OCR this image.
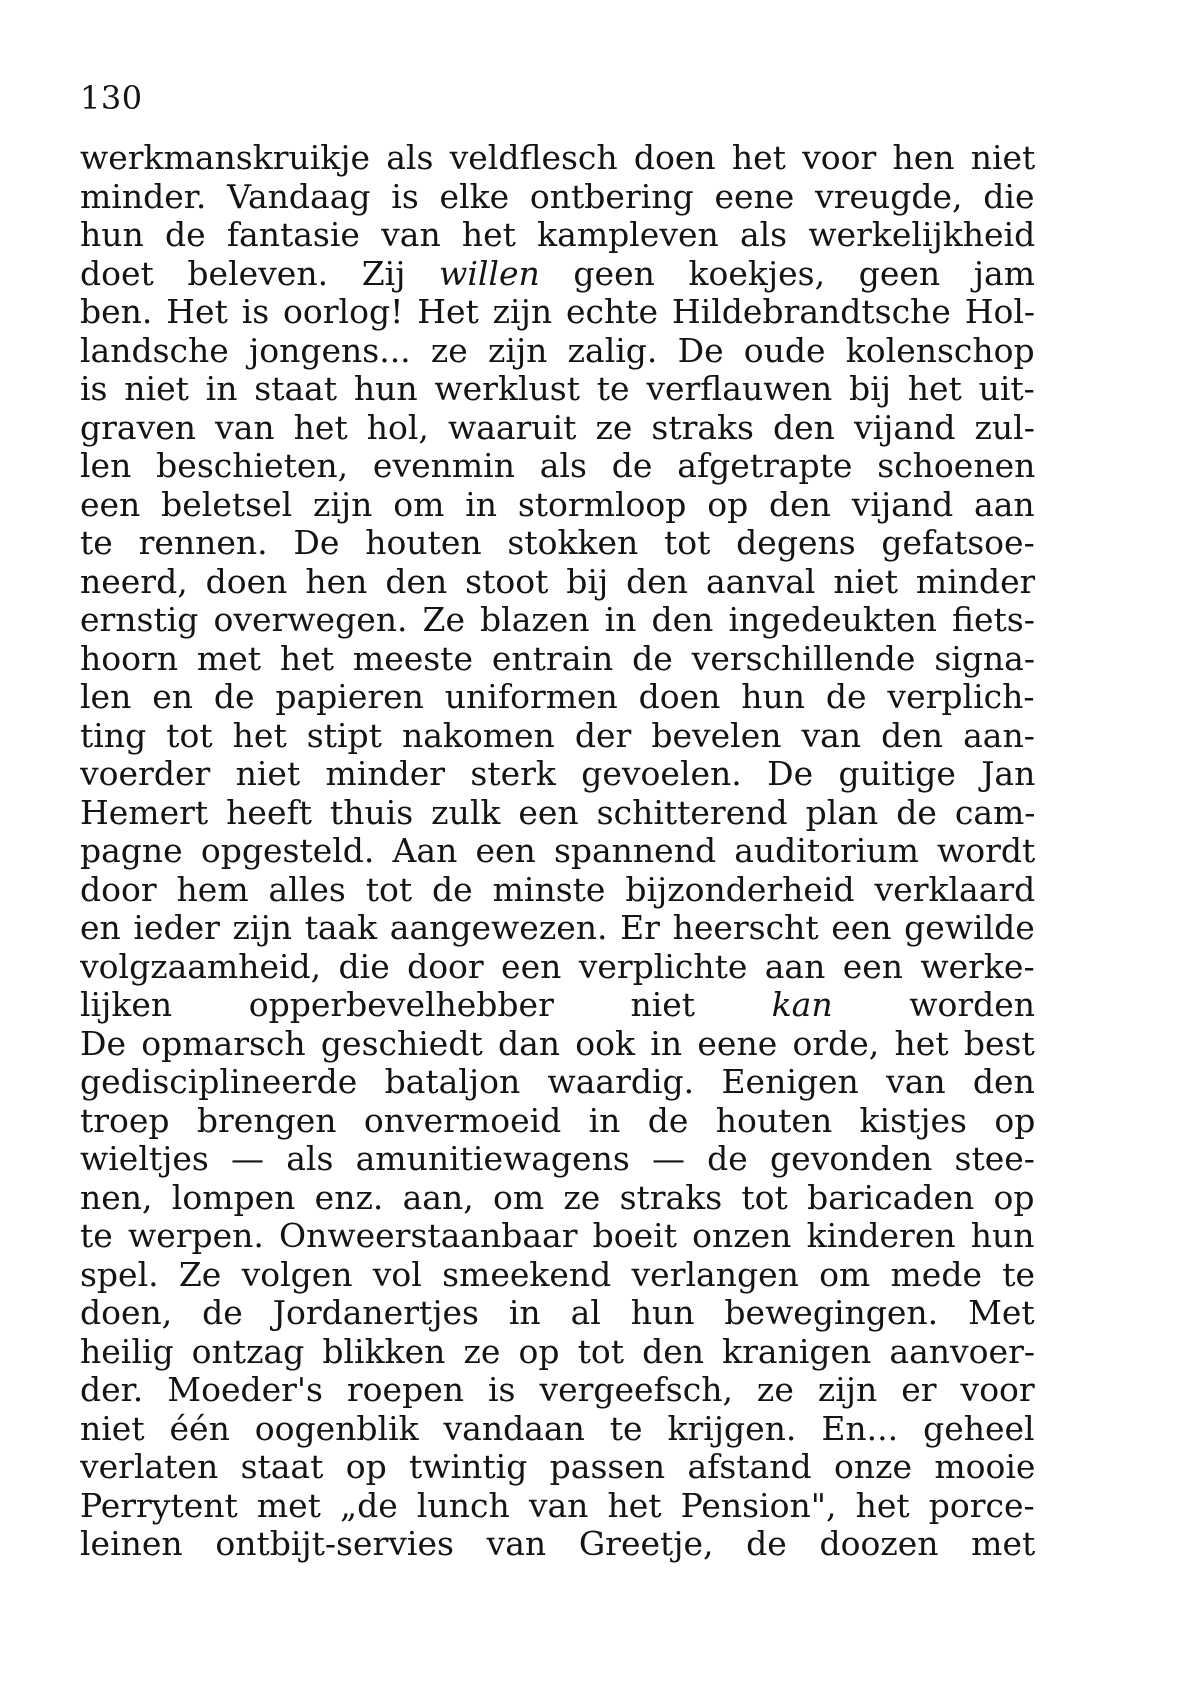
130
werkmanskruikje als veldflesch doen het voor hen niet
minder. Vandaag is elke ontbering eene vreugde, die
hun de fantasie van het kampleven als werkelijkheid
doet beleven. Zij willen geen koekjes, geen jam
ben. Het is oorlog! Het zijn echte Hildebrandtsche Hol-
landsche jongens... ze zijn zalig. De oude kolenschop
is niet in staat hun werklust te verflauwen bij het uit-
graven van het hol, waaruit ze straks den vijand zul-
len beschieten, evenmin als de afgetrapte schoenen
een beletsel zijn om in stormloop op den vijand aan
te rennen. De houten stokken tot degens gefatsoe-
neerd, doen hen den stoot bij den aanval niet minder
ernstig overwegen. Ze blazen in den ingedeukten fiets-
hoorn met het meeste entrain de verschillende signa-
len en de papieren uniformen doen hun de verplich-
ting tot het stipt nakomen der bevelen van den aan-
voerder niet minder sterk gevoelen. De guitige Jan
Hemert heeft thuis zulk een schitterend plan de cam-
pagne opgesteld. Aan een spannend auditorium wordt
door hem alles tot de minste bijzonderheid verklaard
en ieder zijn taak aangewezen. Er heerscht een gewilde
volgzaamheid, die door een verplichte aan een werke-
lijken opperbevelhebber niet kan worden
De opmarsch geschiedt dan ook in eene orde, het best
gedisciplineerde bataljon waardig. Eenigen van den
troep brengen onvermoeid in de houten kistjes op
wieltjes — als amunitiewagens — de gevonden stee-
nen, lompen enz. aan, om ze straks tot baricaden op
te werpen. Onweerstaanbaar boeit onzen kinderen hun
spel. Ze volgen vol smeekend verlangen om mede te
doen, de Jordanertjes in al hun bewegingen. Met
heilig ontzag blikken ze op tot den kranigen aanvoer-
der. Moeder's roepen is vergeefsch, ze zijn er voor
niet één oogenblik vandaan te krijgen. En... geheel
verlaten staat op twintig passen afstand onze mooie
Perrytent met „de lunch van het Pension", het porce-
leinen ontbijt-servies van Greetje, de doozen met
